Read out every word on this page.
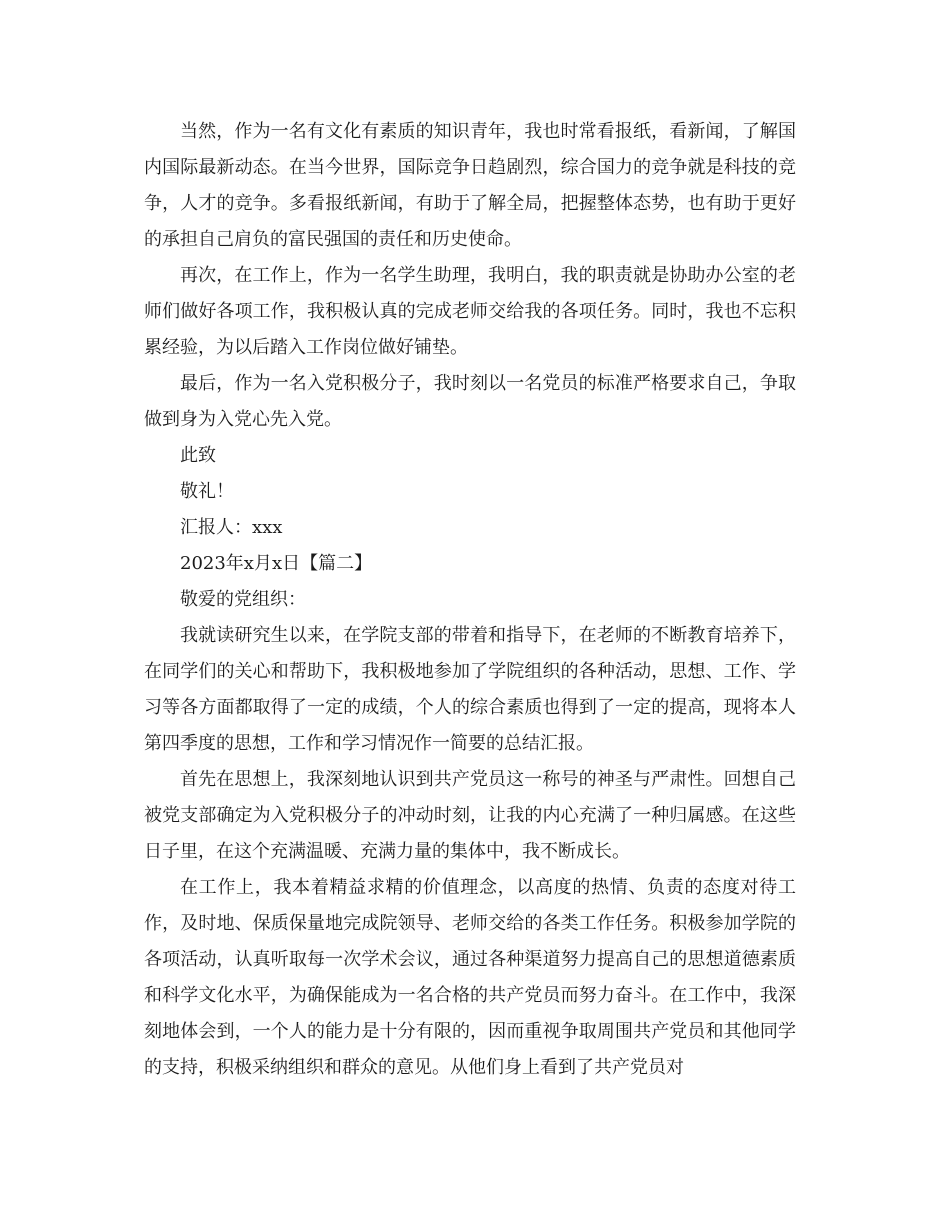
当然，作为一名有文化有素质的知识青年，我也时常看报纸，看新闻，了解国内国际最新动态。在当今世界，国际竞争日趋剧烈，综合国力的竞争就是科技的竞争，人才的竞争。多看报纸新闻，有助于了解全局，把握整体态势，也有助于更好的承担自己肩负的富民强国的责任和历史使命。

再次，在工作上，作为一名学生助理，我明白，我的职责就是协助办公室的老师们做好各项工作，我积极认真的完成老师交给我的各项任务。同时，我也不忘积累经验，为以后踏入工作岗位做好铺垫。

最后，作为一名入党积极分子，我时刻以一名党员的标准严格要求自己，争取做到身为入党心先入党。

此致

敬礼！

汇报人：xxx

2023年x月x日【篇二】

敬爱的党组织：

我就读研究生以来，在学院支部的带着和指导下，在老师的不断教育培养下，在同学们的关心和帮助下，我积极地参加了学院组织的各种活动，思想、工作、学习等各方面都取得了一定的成绩，个人的综合素质也得到了一定的提高，现将本人第四季度的思想，工作和学习情况作一简要的总结汇报。

首先在思想上，我深刻地认识到共产党员这一称号的神圣与严肃性。回想自己被党支部确定为入党积极分子的冲动时刻，让我的内心充满了一种归属感。在这些日子里，在这个充满温暖、充满力量的集体中，我不断成长。

在工作上，我本着精益求精的价值理念，以高度的热情、负责的态度对待工作，及时地、保质保量地完成院领导、老师交给的各类工作任务。积极参加学院的各项活动，认真听取每一次学术会议，通过各种渠道努力提高自己的思想道德素质和科学文化水平，为确保能成为一名合格的共产党员而努力奋斗。在工作中，我深刻地体会到，一个人的能力是十分有限的，因而重视争取周围共产党员和其他同学的支持，积极采纳组织和群众的意见。从他们身上看到了共产党员对
